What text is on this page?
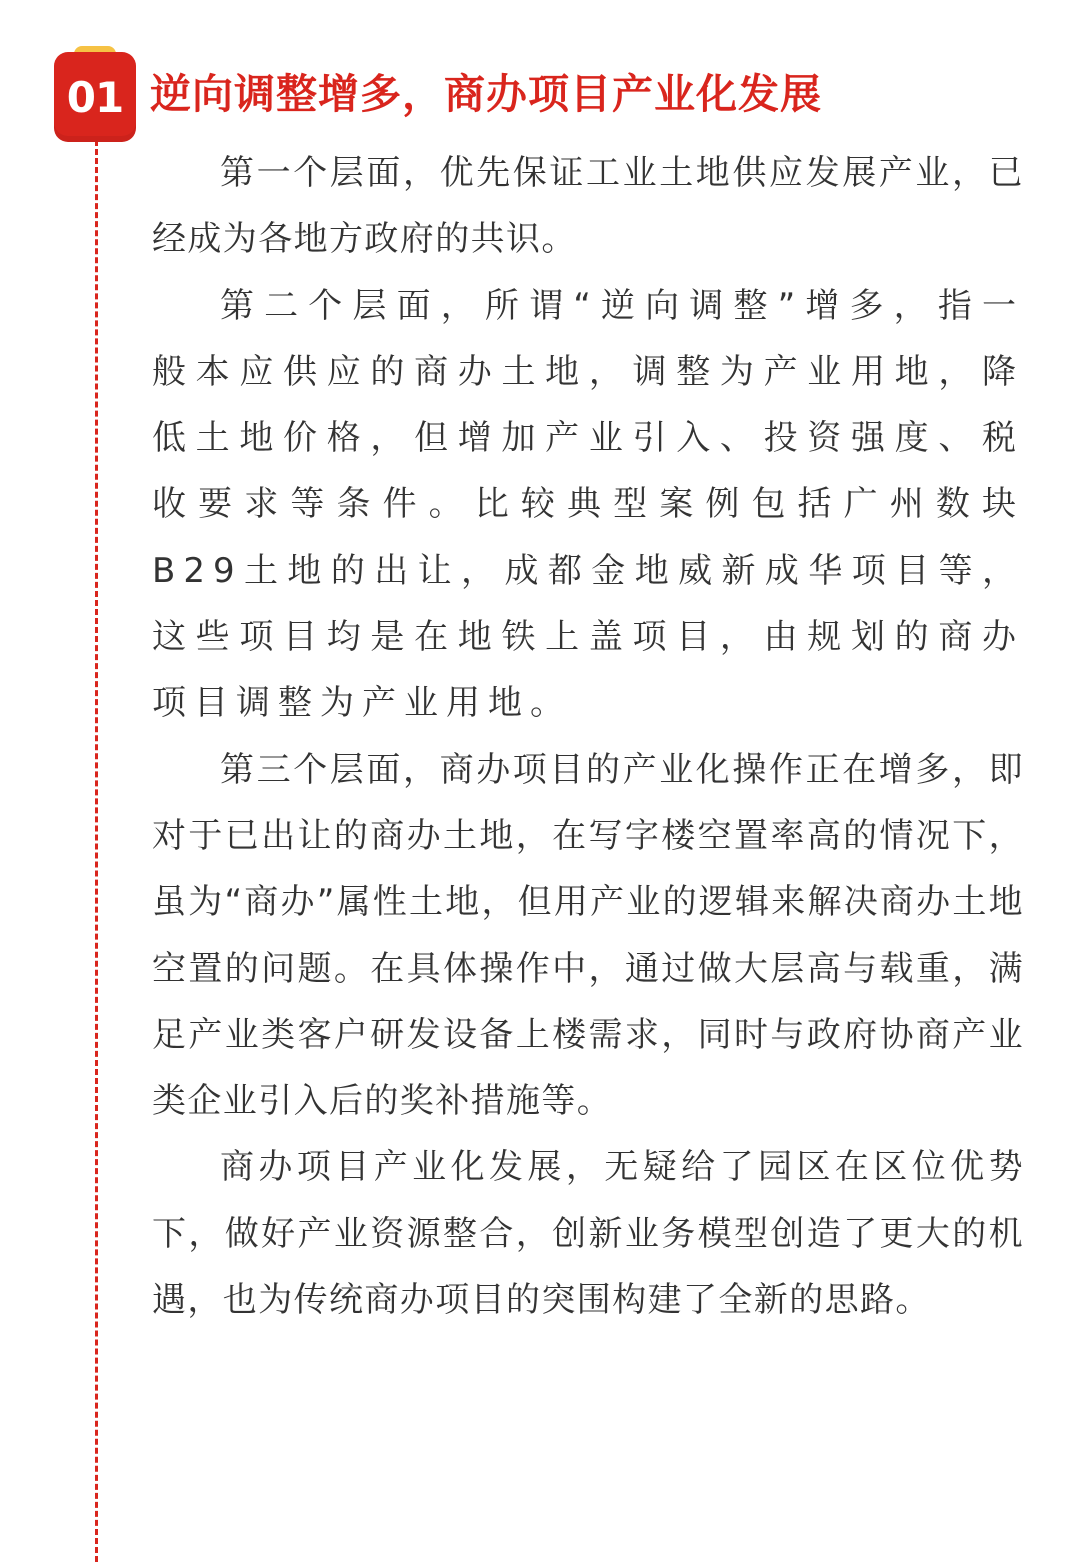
01 逆向调整增多，商办项目产业化发展

第一个层面，优先保证工业土地供应发展产业，已经成为各地方政府的共识。

第二个层面，所谓“逆向调整”增多，指一般本应供应的商办土地，调整为产业用地，降低土地价格，但增加产业引入、投资强度、税收要求等条件。比较典型案例包括广州数块B29土地的出让，成都金地威新成华项目等，这些项目均是在地铁上盖项目，由规划的商办项目调整为产业用地。

第三个层面，商办项目的产业化操作正在增多，即对于已出让的商办土地，在写字楼空置率高的情况下，虽为“商办”属性土地，但用产业的逻辑来解决商办土地空置的问题。在具体操作中，通过做大层高与载重，满足产业类客户研发设备上楼需求，同时与政府协商产业类企业引入后的奖补措施等。

商办项目产业化发展，无疑给了园区在区位优势下，做好产业资源整合，创新业务模型创造了更大的机遇，也为传统商办项目的突围构建了全新的思路。
